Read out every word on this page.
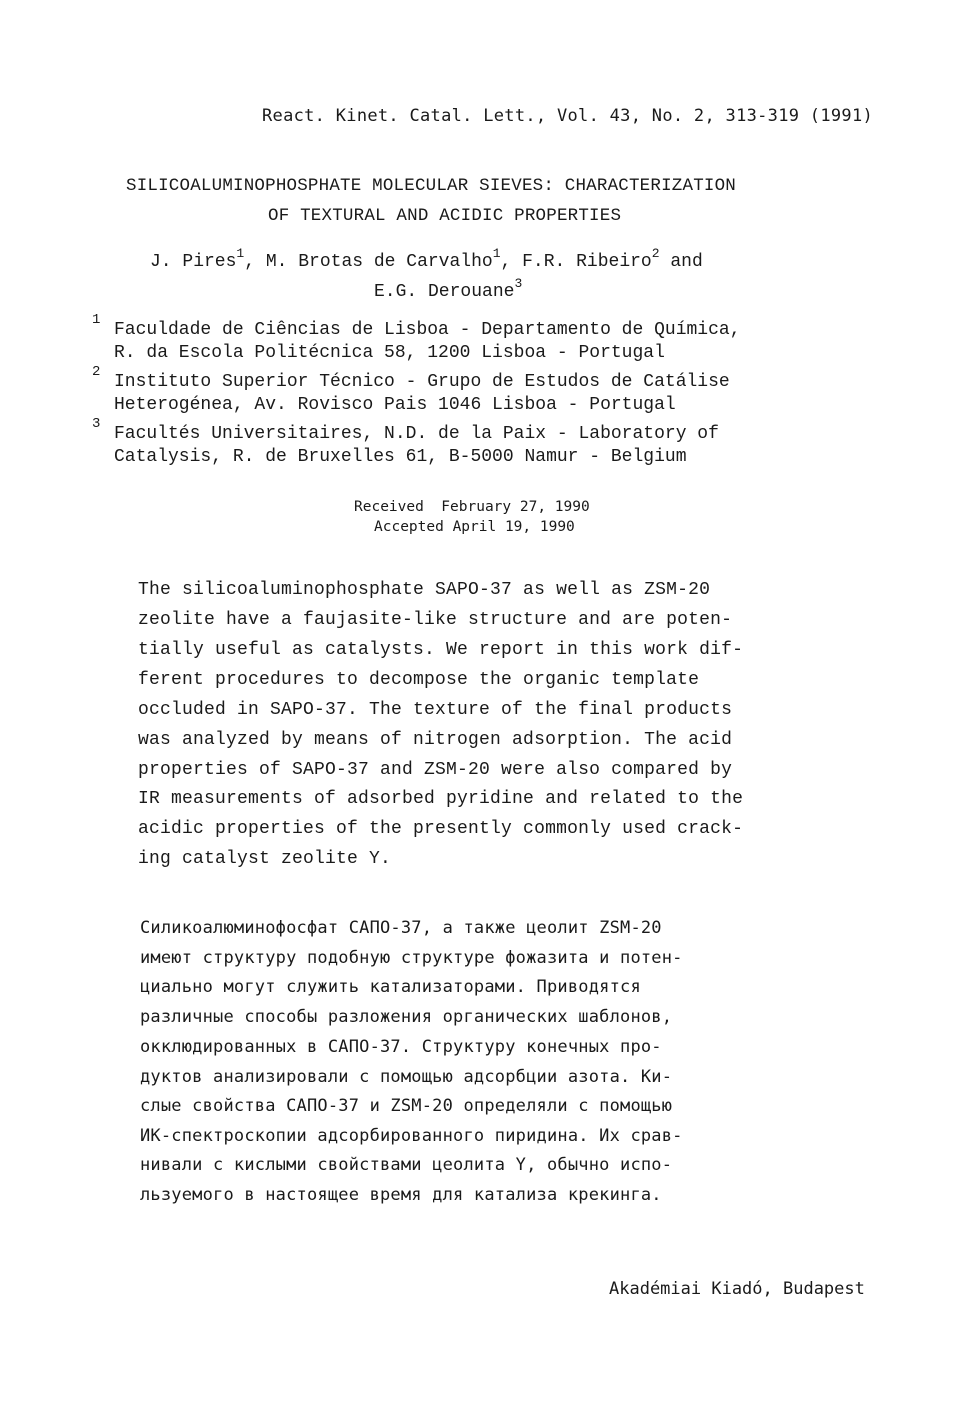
React. Kinet. Catal. Lett., Vol. 43, No. 2, 313-319 (1991)
SILICOALUMINOPHOSPHATE MOLECULAR SIEVES: CHARACTERIZATION
OF TEXTURAL AND ACIDIC PROPERTIES
J. Pires$^1$, M. Brotas de Carvalho$^1$, F.R. Ribeiro$^2$ and
E.G. Derouane$^3$
1 Faculdade de Ciências de Lisboa - Departamento de Química,
R. da Escola Politécnica 58, 1200 Lisboa - Portugal
2 Instituto Superior Técnico - Grupo de Estudos de Catálise
Heterogénea, Av. Rovisco Pais 1046 Lisboa - Portugal
3 Facultés Universitaires, N.D. de la Paix - Laboratory of
Catalysis, R. de Bruxelles 61, B-5000 Namur - Belgium
Received  February 27, 1990
Accepted April 19, 1990
The silicoaluminophosphate SAPO-37 as well as ZSM-20
zeolite have a faujasite-like structure and are poten-
tially useful as catalysts. We report in this work dif-
ferent procedures to decompose the organic template
occluded in SAPO-37. The texture of the final products
was analyzed by means of nitrogen adsorption. The acid
properties of SAPO-37 and ZSM-20 were also compared by
IR measurements of adsorbed pyridine and related to the
acidic properties of the presently commonly used crack-
ing catalyst zeolite Y.
Силикоалюминофосфат САПО-37, а также цеолит ZSM-20
имеют структуру подобную структуре фожазита и потен-
циально могут служить катализаторами. Приводятся
различные способы разложения органических шаблонов,
окклюдированных в САПО-37. Структуру конечных про-
дуктов анализировали с помощью адсорбции азота. Ки-
слые свойства САПО-37 и ZSM-20 определяли с помощью
ИК-спектроскопии адсорбированного пиридина. Их срав-
нивали с кислыми свойствами цеолита Y, обычно испо-
льзуемого в настоящее время для катализа крекинга.
Akadémiai Kiadó, Budapest
